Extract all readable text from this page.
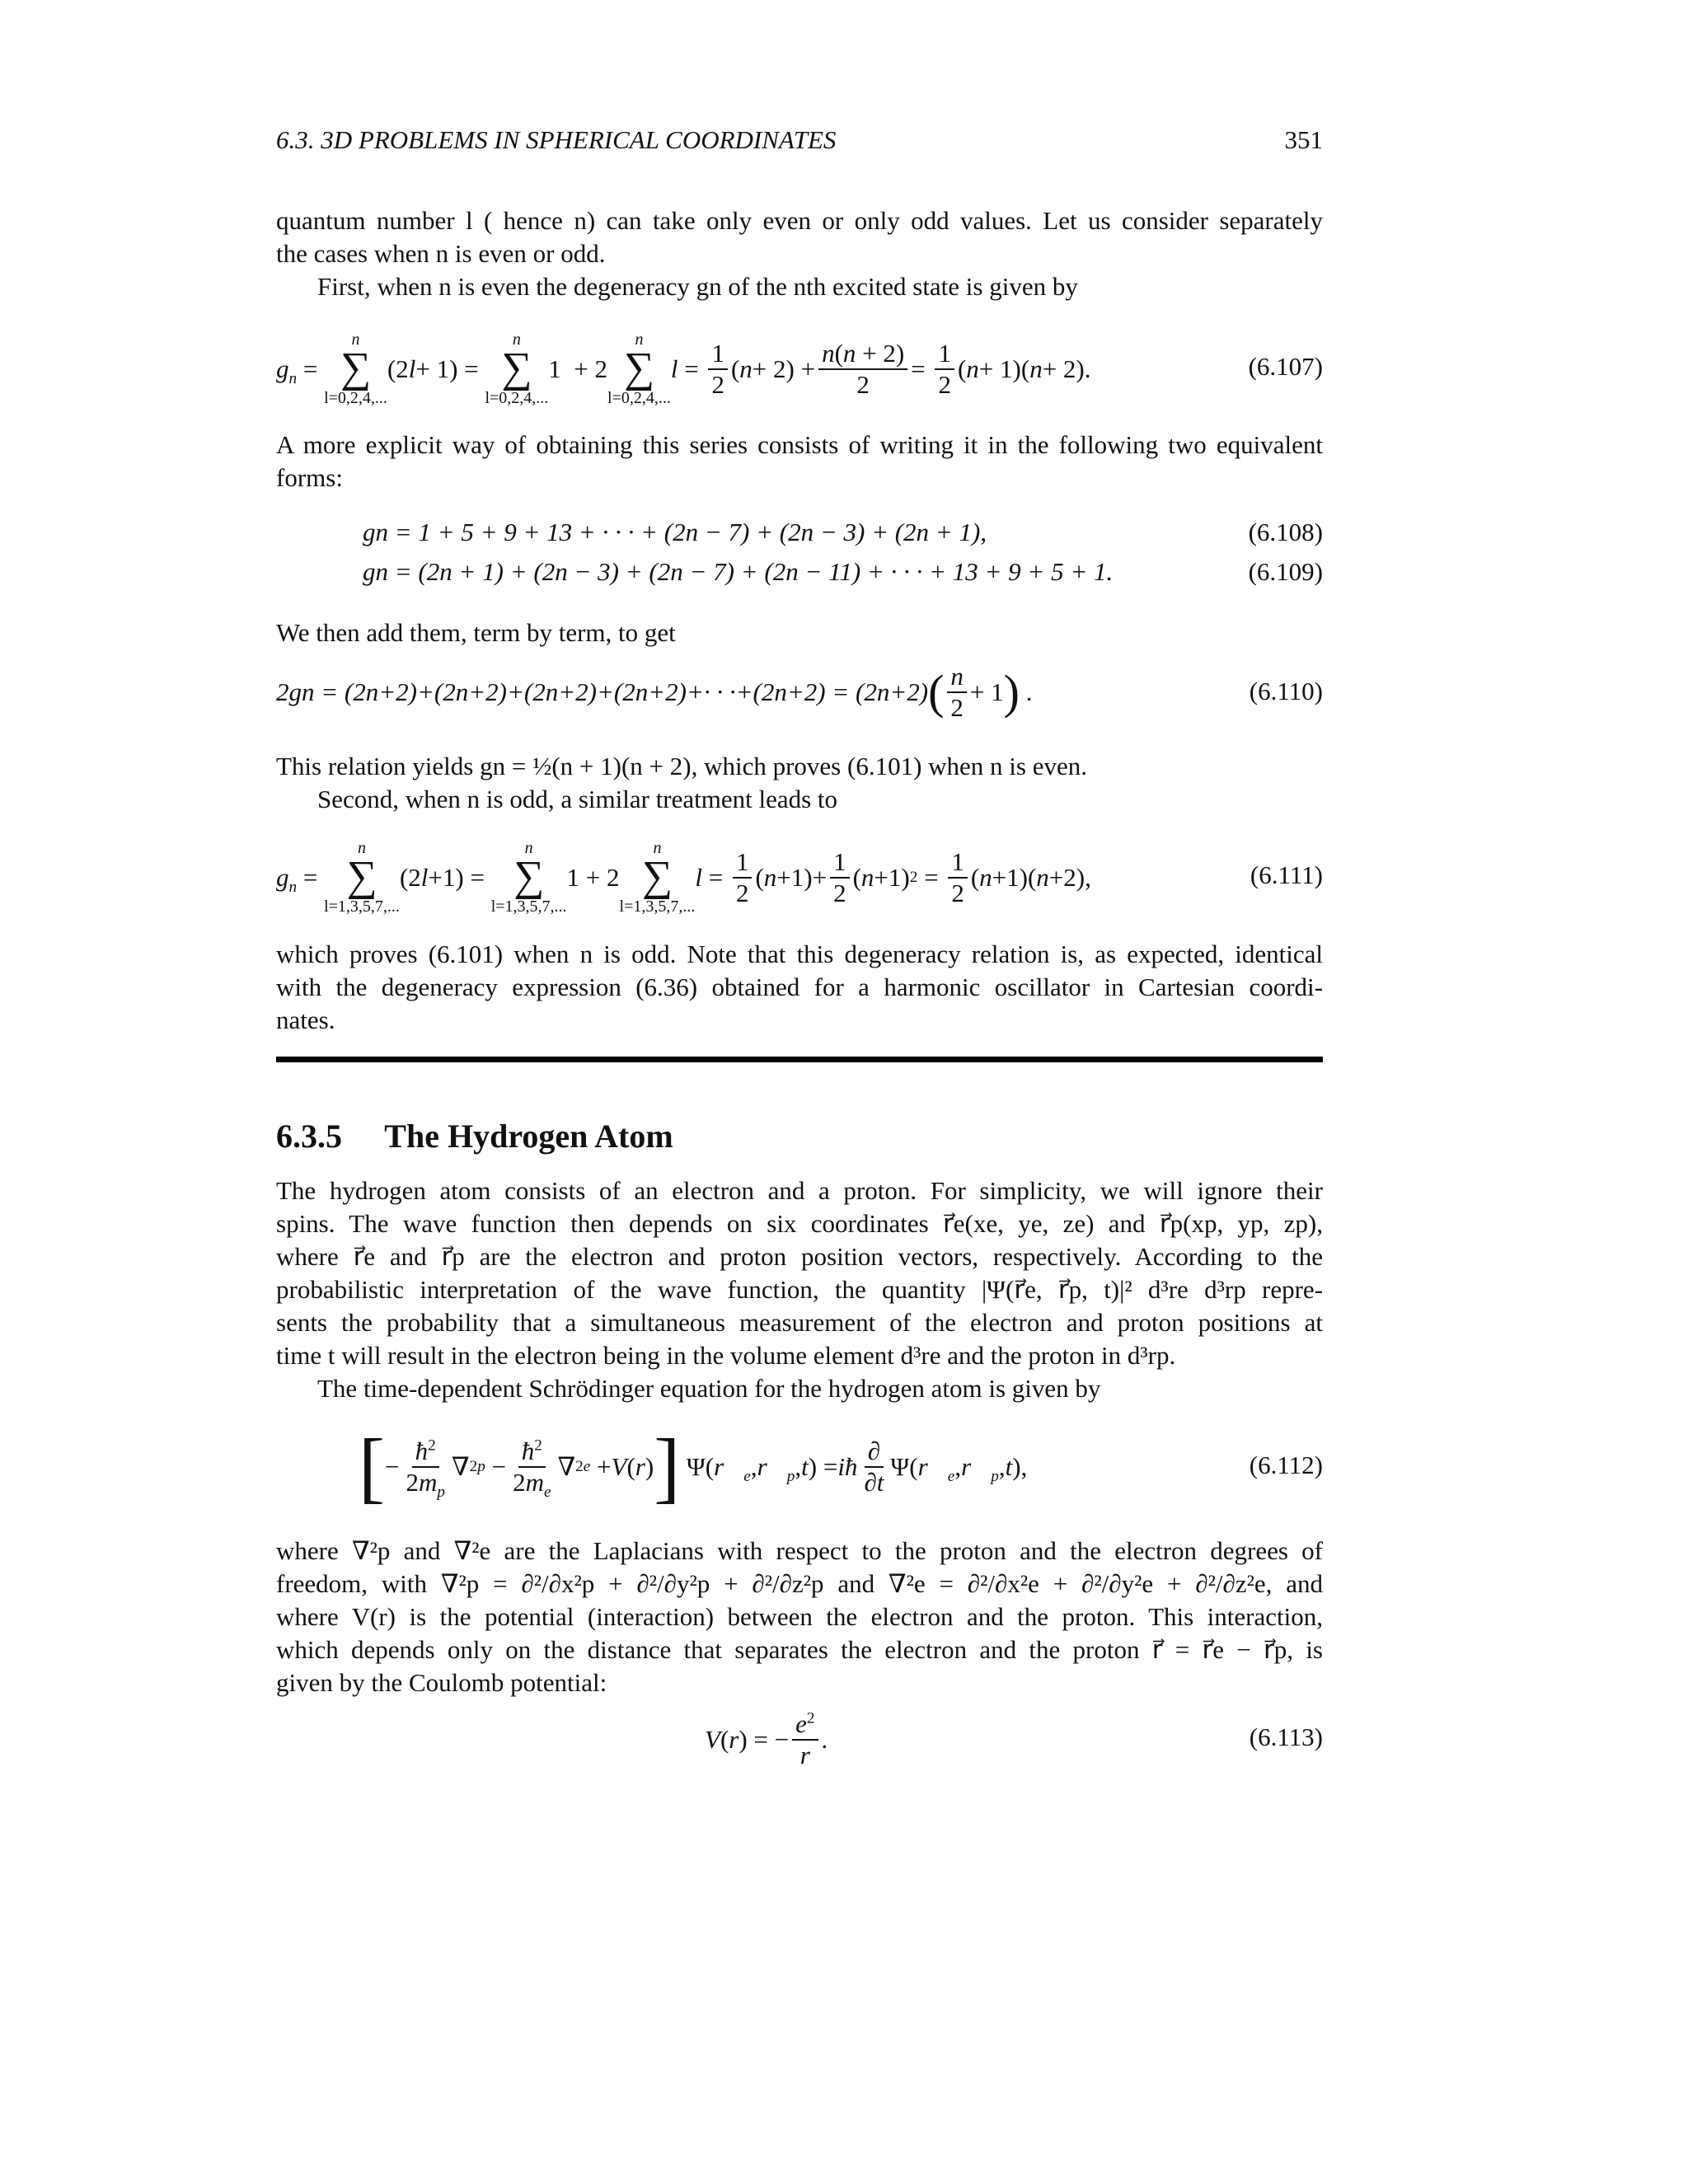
6.3. 3D PROBLEMS IN SPHERICAL COORDINATES	351
quantum number l ( hence n) can take only even or only odd values. Let us consider separately
the cases when n is even or odd.
First, when n is even the degeneracy gn of the nth excited state is given by
$g_n$ =
n
∑
l=0,2,4,...
(2 l + 1) =
n
∑
l=0,2,4,...
1  + 2
n
∑
l=0,2,4,...
$l = \frac{1}{2}$ ( $n + 2) + \frac{n(n + 2)}{2} = \frac{1}{2}$ ( n + 1)( n + 2).	(6.107)
A more explicit way of obtaining this series consists of writing it in the following two equivalent
forms:
gn = 1 + 5 + 9 + 13 + · · · + (2n − 7) + (2n − 3) + (2n + 1),	(6.108)
gn = (2n + 1) + (2n − 3) + (2n − 7) + (2n − 11) + · · · + 13 + 9 + 5 + 1.	(6.109)
We then add them, term by term, to get
2gn = (2n+2)+(2n+2)+(2n+2)+(2n+2)+· · ·+(2n+2) = (2n+2) ( $\frac{n}{2} + 1$ ) .	(6.110)
This relation yields gn = ½(n + 1)(n + 2), which proves (6.101) when n is even.
Second, when n is odd, a similar treatment leads to
$g_n$ =
n
∑
l=1,3,5,7,...
(2 l +1) =
n
∑
l=1,3,5,7,...
1 + 2
n
∑
l=1,3,5,7,...
$l = \frac{1}{2}$ ( $n +1)+ \frac{1}{2}$ ( n +1) $2 = \frac{1}{2}$ ( n +1)( n +2),	(6.111)
which proves (6.101) when n is odd. Note that this degeneracy relation is, as expected, identical
with the degeneracy expression (6.36) obtained for a harmonic oscillator in Cartesian coordi-
nates.
6.3.5 The Hydrogen Atom
The hydrogen atom consists of an electron and a proton. For simplicity, we will ignore their
spins. The wave function then depends on six coordinates r⃗e(xe, ye, ze) and r⃗p(xp, yp, zp),
where r⃗e and r⃗p are the electron and proton position vectors, respectively. According to the
probabilistic interpretation of the wave function, the quantity |Ψ(r⃗e, r⃗p, t)|² d³re d³rp repre-
sents the probability that a simultaneous measurement of the electron and proton positions at
time t will result in the electron being in the volume element d³re and the proton in d³rp.
The time-dependent Schrödinger equation for the hydrogen atom is given by
[ − $\frac{ħ^2}{2m_p}$ ∇ 2 $p - \frac{ħ^2}{2m_e}$ ∇ 2 e + V ( r ) ] Ψ( $r⃗_e$ , $r⃗_p$ , t ) = iħ $\frac{\partial}{\partial t} \Psi$( $r⃗_e$ , $r⃗_p$ , t ),	(6.112)
where ∇²p and ∇²e are the Laplacians with respect to the proton and the electron degrees of
freedom, with ∇²p = ∂²/∂x²p + ∂²/∂y²p + ∂²/∂z²p and ∇²e = ∂²/∂x²e + ∂²/∂y²e + ∂²/∂z²e, and
where V(r) is the potential (interaction) between the electron and the proton. This interaction,
which depends only on the distance that separates the electron and the proton r⃗ = r⃗e − r⃗p, is
given by the Coulomb potential:
V ( r ) = − $\frac{e^2}{r}$ .	(6.113)
